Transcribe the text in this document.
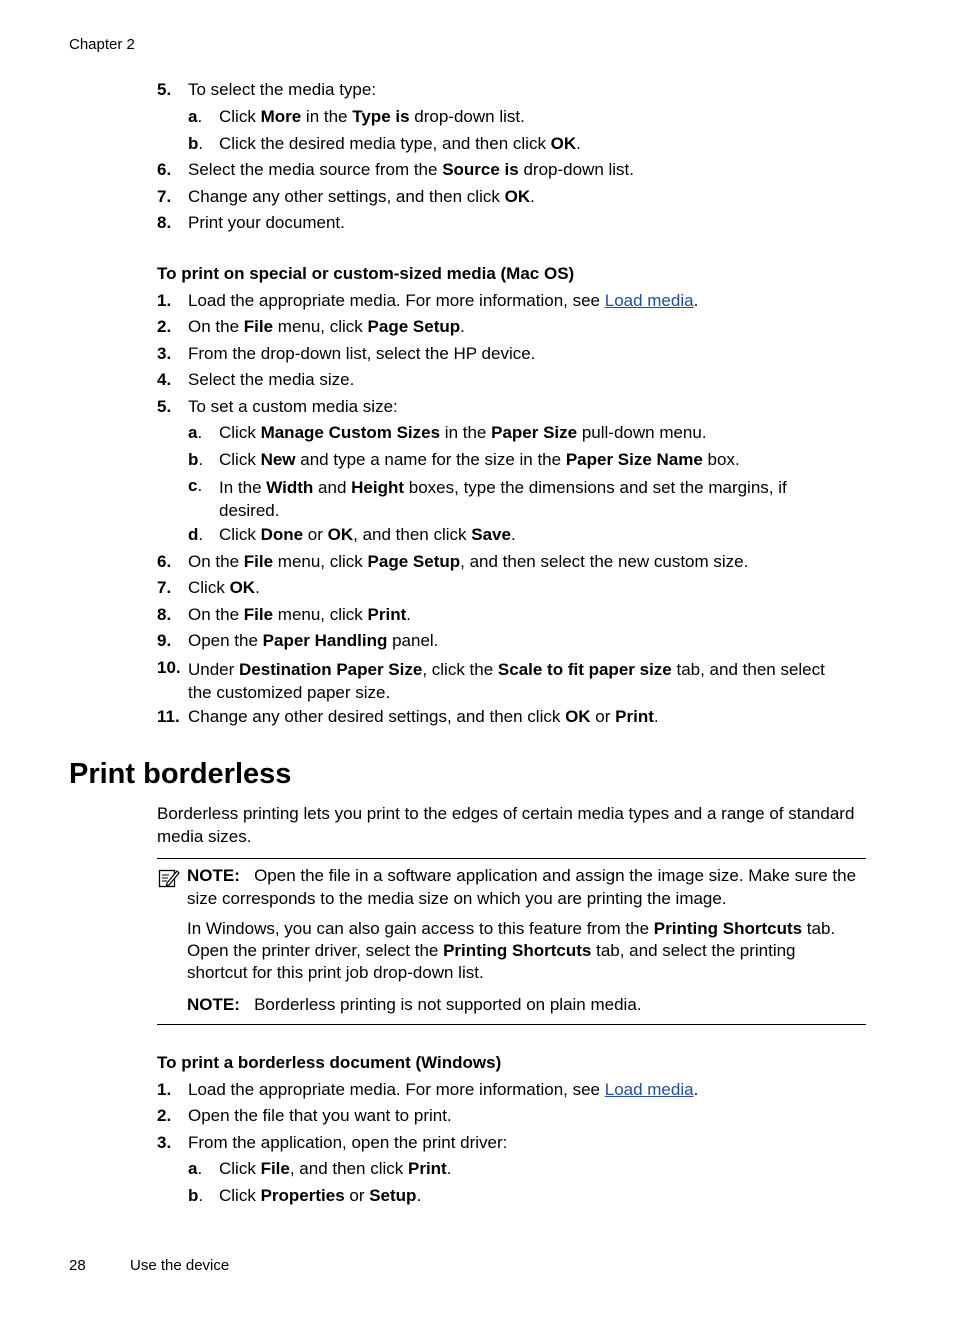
Chapter 2
5. To select the media type:
a. Click More in the Type is drop-down list.
b. Click the desired media type, and then click OK.
6. Select the media source from the Source is drop-down list.
7. Change any other settings, and then click OK.
8. Print your document.
To print on special or custom-sized media (Mac OS)
1. Load the appropriate media. For more information, see Load media.
2. On the File menu, click Page Setup.
3. From the drop-down list, select the HP device.
4. Select the media size.
5. To set a custom media size:
a. Click Manage Custom Sizes in the Paper Size pull-down menu.
b. Click New and type a name for the size in the Paper Size Name box.
c. In the Width and Height boxes, type the dimensions and set the margins, if desired.
d. Click Done or OK, and then click Save.
6. On the File menu, click Page Setup, and then select the new custom size.
7. Click OK.
8. On the File menu, click Print.
9. Open the Paper Handling panel.
10. Under Destination Paper Size, click the Scale to fit paper size tab, and then select the customized paper size.
11. Change any other desired settings, and then click OK or Print.
Print borderless
Borderless printing lets you print to the edges of certain media types and a range of standard media sizes.
NOTE: Open the file in a software application and assign the image size. Make sure the size corresponds to the media size on which you are printing the image.
In Windows, you can also gain access to this feature from the Printing Shortcuts tab. Open the printer driver, select the Printing Shortcuts tab, and select the printing shortcut for this print job drop-down list.
NOTE: Borderless printing is not supported on plain media.
To print a borderless document (Windows)
1. Load the appropriate media. For more information, see Load media.
2. Open the file that you want to print.
3. From the application, open the print driver:
a. Click File, and then click Print.
b. Click Properties or Setup.
28	Use the device
